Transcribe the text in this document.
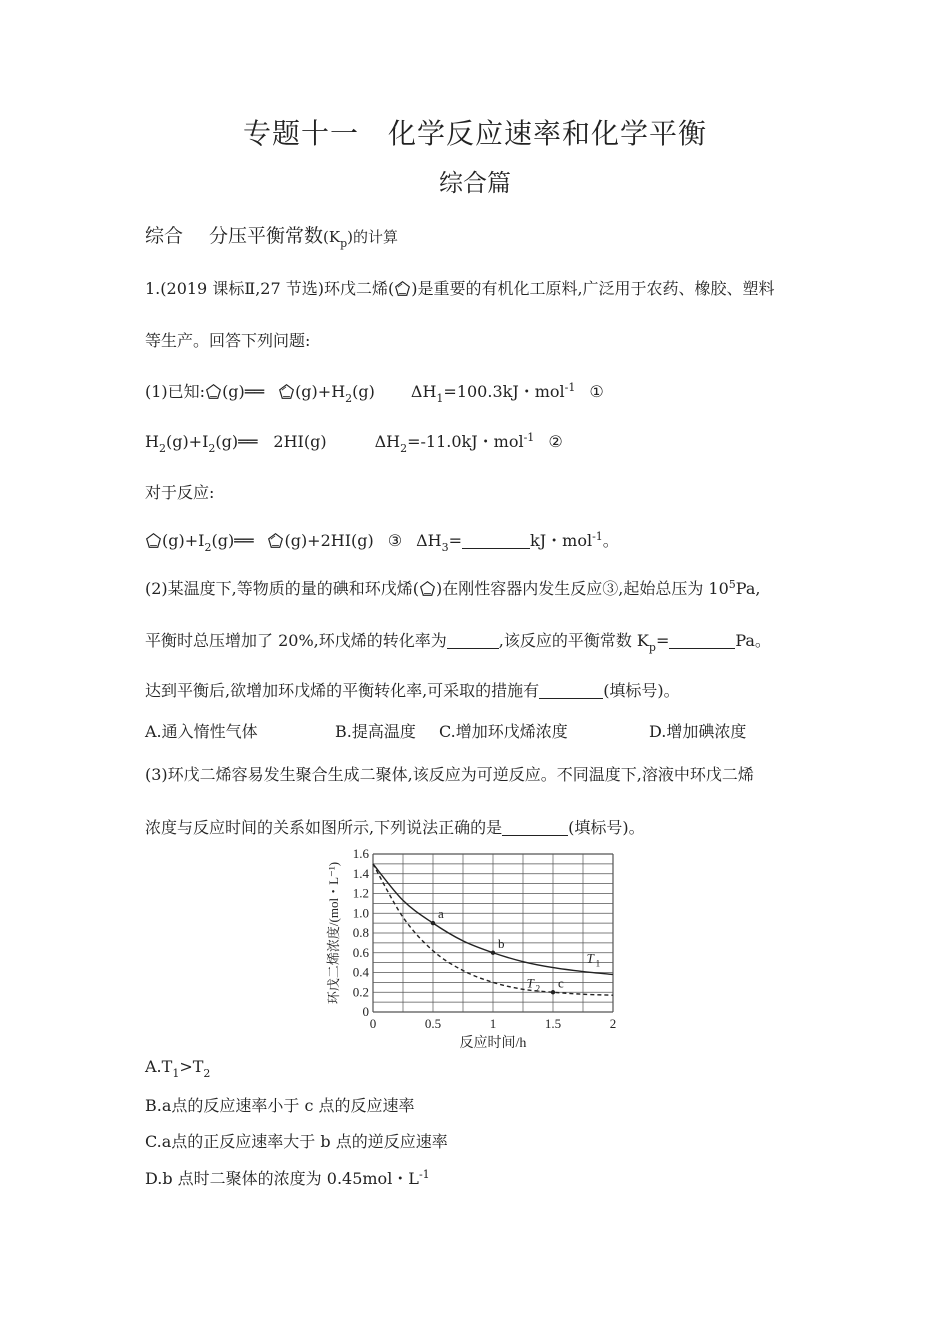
专题十一　化学反应速率和化学平衡
综合篇
综合 分压平衡常数$(K_p)$的计算
1.(2019 课标Ⅱ,27 节选)环戊二烯( )是重要的有机化工原料,广泛用于农药、橡胶、塑料
等生产。回答下列问题:
(1)已知: (g)══ $(g)+H_2(g)$ $\Delta H_1=100.3kJ$・mol$^{-1}$ ①
$H_2(g)+I_2(g)══$　2HI(g)	$\Delta H_2=-11.0kJ$・mol$^{-1}$ ②
对于反应:
$(g)+I_2(g)══$ (g)+2HI(g) ③ $\Delta H_3=$	kJ・mol$^{-1}$。
(2)某温度下,等物质的量的碘和环戊烯( )在刚性容器内发生反应③,起始总压为 $10^5Pa$,
平衡时总压增加了 20%,环戊烯的转化率为	,该反应的平衡常数 $K_p=$	Pa。
达到平衡后,欲增加环戊烯的平衡转化率,可采取的措施有	(填标号)。
A.通入惰性气体	B.提高温度 C.增加环戊烯浓度	D.增加碘浓度
(3)环戊二烯容易发生聚合生成二聚体,该反应为可逆反应。不同温度下,溶液中环戊二烯
浓度与反应时间的关系如图所示,下列说法正确的是	(填标号)。
0	0.5	1	1.5	2
0
0.2
0.4
0.6
0.8
1.0
1.2
1.4
1.6
反应时间/h
环戊二烯浓度/(mol・L⁻¹)	T 1
T 2
a
b
c
$A.T_1>T_2$
B.a点的反应速率小于 c 点的反应速率
C.a点的正反应速率大于 b 点的逆反应速率
D.b 点时二聚体的浓度为 0.45mol・$L^{-1}$
